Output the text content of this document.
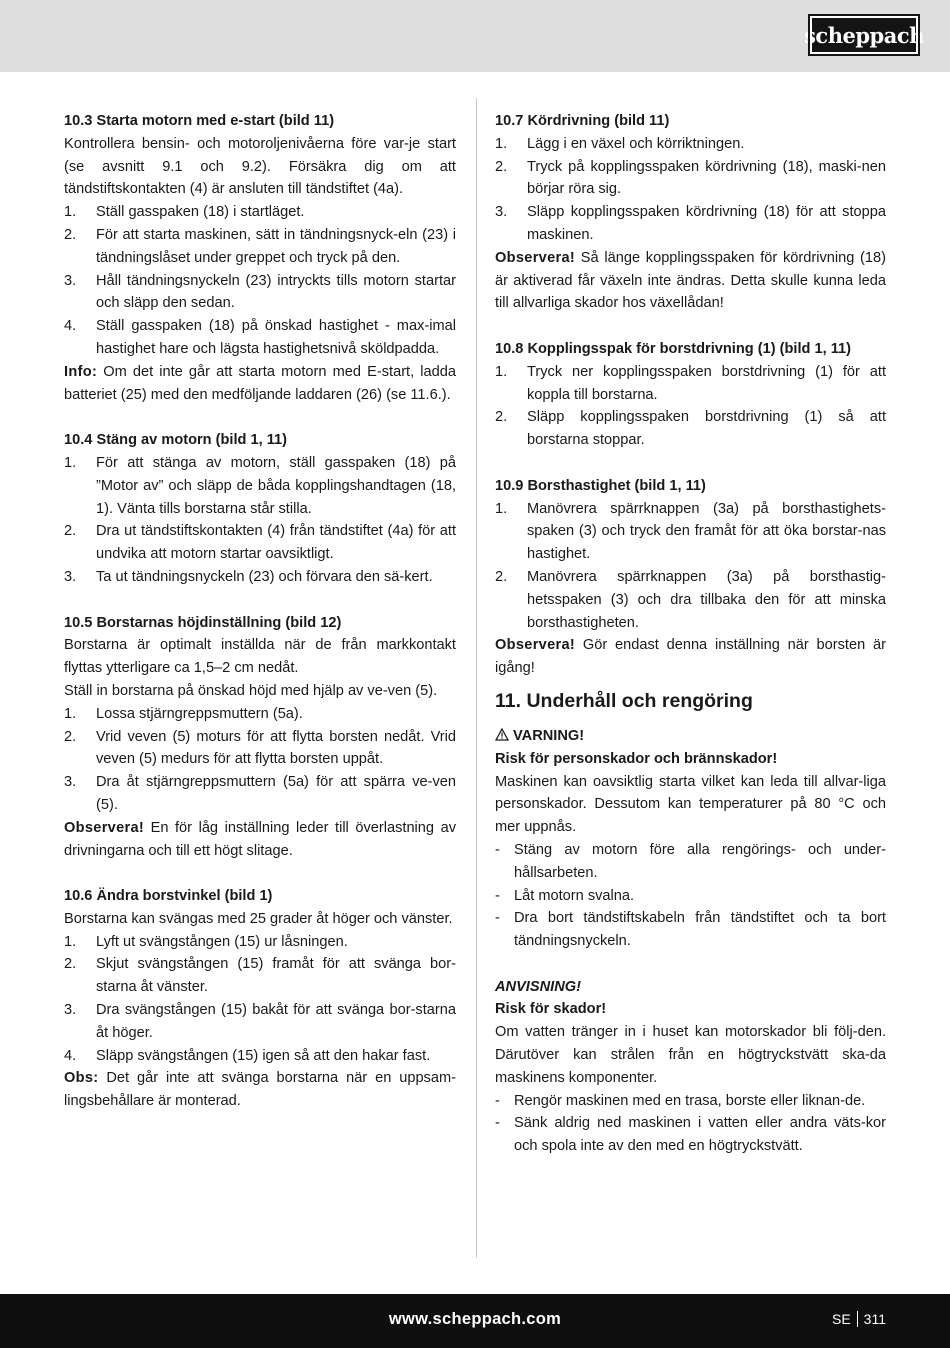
scheppach

10.3 Starta motorn med e-start (bild 11)

Kontrollera bensin- och motoroljenivåerna före var-je start (se avsnitt 9.1 och 9.2). Försäkra dig om att tändstiftskontakten (4) är ansluten till tändstiftet (4a).

1. Ställ gasspaken (18) i startläget.
2. För att starta maskinen, sätt in tändningsnyck-eln (23) i tändningslåset under greppet och tryck på den.
3. Håll tändningsnyckeln (23) intryckts tills motorn startar och släpp den sedan.
4. Ställ gasspaken (18) på önskad hastighet - max-imal hastighet hare och lägsta hastighetsnivå sköldpadda.

Info: Om det inte går att starta motorn med E-start, ladda batteriet (25) med den medföljande laddaren (26) (se 11.6.).

10.4 Stäng av motorn (bild 1, 11)

1. För att stänga av motorn, ställ gasspaken (18) på ”Motor av” och släpp de båda kopplingshandtagen (18, 1). Vänta tills borstarna står stilla.
2. Dra ut tändstiftskontakten (4) från tändstiftet (4a) för att undvika att motorn startar oavsiktligt.
3. Ta ut tändningsnyckeln (23) och förvara den sä-kert.

10.5 Borstarnas höjdinställning (bild 12)

Borstarna är optimalt inställda när de från markkontakt flyttas ytterligare ca 1,5–2 cm nedåt.

Ställ in borstarna på önskad höjd med hjälp av ve-ven (5).

1. Lossa stjärngreppsmuttern (5a).
2. Vrid veven (5) moturs för att flytta borsten nedåt. Vrid veven (5) medurs för att flytta borsten uppåt.
3. Dra åt stjärngreppsmuttern (5a) för att spärra ve-ven (5).

Observera! En för låg inställning leder till överlastning av drivningarna och till ett högt slitage.

10.6 Ändra borstvinkel (bild 1)

Borstarna kan svängas med 25 grader åt höger och vänster.

1. Lyft ut svängstången (15) ur låsningen.
2. Skjut svängstången (15) framåt för att svänga bor-starna åt vänster.
3. Dra svängstången (15) bakåt för att svänga bor-starna åt höger.
4. Släpp svängstången (15) igen så att den hakar fast.

Obs: Det går inte att svänga borstarna när en uppsam-lingsbehållare är monterad.

10.7 Kördrivning (bild 11)

1. Lägg i en växel och körriktningen.
2. Tryck på kopplingsspaken kördrivning (18), maski-nen börjar röra sig.
3. Släpp kopplingsspaken kördrivning (18) för att stoppa maskinen.

Observera! Så länge kopplingsspaken för kördrivning (18) är aktiverad får växeln inte ändras. Detta skulle kunna leda till allvarliga skador hos växellådan!

10.8 Kopplingsspak för borstdrivning (1) (bild 1, 11)

1. Tryck ner kopplingsspaken borstdrivning (1) för att koppla till borstarna.
2. Släpp kopplingsspaken borstdrivning (1) så att borstarna stoppar.

10.9 Borsthastighet (bild 1, 11)

1. Manövrera spärrknappen (3a) på borsthastighets-spaken (3) och tryck den framåt för att öka borstar-nas hastighet.
2. Manövrera spärrknappen (3a) på borsthastig-hetsspaken (3) och dra tillbaka den för att minska borsthastigheten.

Observera! Gör endast denna inställning när borsten är igång!

11. Underhåll och rengöring

VARNING!

Risk för personskador och brännskador!

Maskinen kan oavsiktlig starta vilket kan leda till allvar-liga personskador. Dessutom kan temperaturer på 80 °C och mer uppnås.

- Stäng av motorn före alla rengörings- och under-hållsarbeten.
- Låt motorn svalna.
- Dra bort tändstiftskabeln från tändstiftet och ta bort tändningsnyckeln.

ANVISNING!

Risk för skador!

Om vatten tränger in i huset kan motorskador bli följ-den. Därutöver kan strålen från en högtryckstvätt ska-da maskinens komponenter.

- Rengör maskinen med en trasa, borste eller liknan-de.
- Sänk aldrig ned maskinen i vatten eller andra väts-kor och spola inte av den med en högtryckstvätt.
www.scheppach.com	SE 311
